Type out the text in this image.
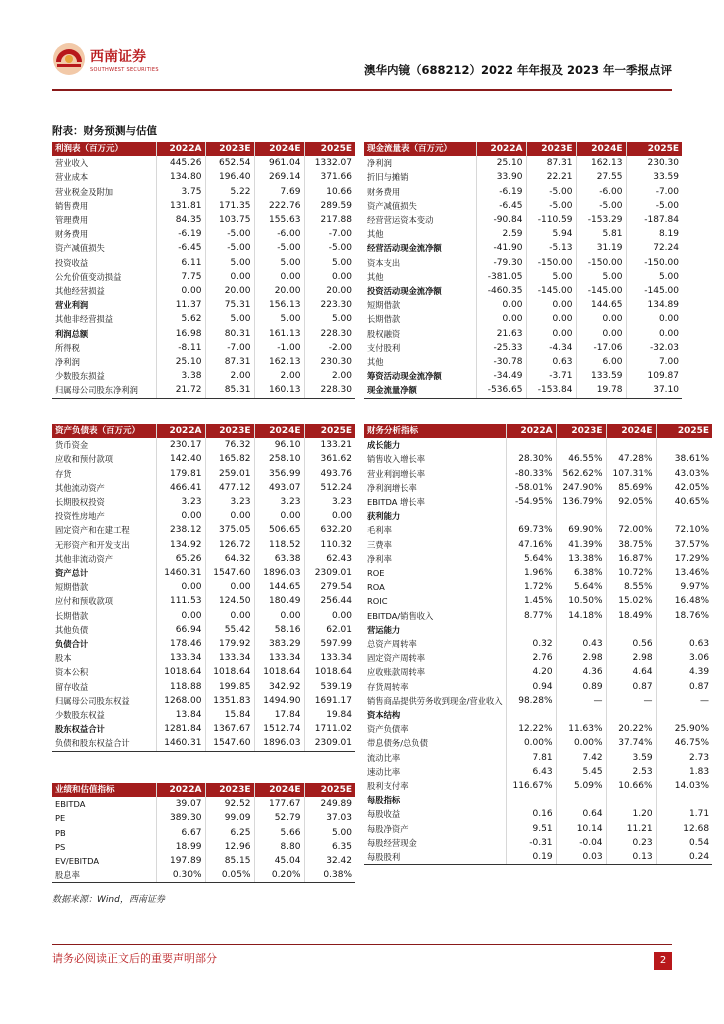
西南证券
SOUTHWEST SECURITIES	澳华内镜（688212）2022 年年报及 2023 年一季报点评
附表：财务预测与估值
利润表（百万元）	2022A	2023E	2024E	2025E
营业收入	445.26	652.54	961.04	1332.07
营业成本	134.80	196.40	269.14	371.66
营业税金及附加	3.75	5.22	7.69	10.66
销售费用	131.81	171.35	222.76	289.59
管理费用	84.35	103.75	155.63	217.88
财务费用	-6.19	-5.00	-6.00	-7.00
资产减值损失	-6.45	-5.00	-5.00	-5.00
投资收益	6.11	5.00	5.00	5.00
公允价值变动损益	7.75	0.00	0.00	0.00
其他经营损益	0.00	20.00	20.00	20.00
营业利润	11.37	75.31	156.13	223.30
其他非经营损益	5.62	5.00	5.00	5.00
利润总额	16.98	80.31	161.13	228.30
所得税	-8.11	-7.00	-1.00	-2.00
净利润	25.10	87.31	162.13	230.30
少数股东损益	3.38	2.00	2.00	2.00
归属母公司股东净利润	21.72	85.31	160.13	228.30
现金流量表（百万元）	2022A	2023E	2024E	2025E
净利润	25.10	87.31	162.13	230.30
折旧与摊销	33.90	22.21	27.55	33.59
财务费用	-6.19	-5.00	-6.00	-7.00
资产减值损失	-6.45	-5.00	-5.00	-5.00
经营营运资本变动	-90.84	-110.59	-153.29	-187.84
其他	2.59	5.94	5.81	8.19
经营活动现金流净额	-41.90	-5.13	31.19	72.24
资本支出	-79.30	-150.00	-150.00	-150.00
其他	-381.05	5.00	5.00	5.00
投资活动现金流净额	-460.35	-145.00	-145.00	-145.00
短期借款	0.00	0.00	144.65	134.89
长期借款	0.00	0.00	0.00	0.00
股权融资	21.63	0.00	0.00	0.00
支付股利	-25.33	-4.34	-17.06	-32.03
其他	-30.78	0.63	6.00	7.00
筹资活动现金流净额	-34.49	-3.71	133.59	109.87
现金流量净额	-536.65	-153.84	19.78	37.10
资产负债表（百万元）	2022A	2023E	2024E	2025E
货币资金	230.17	76.32	96.10	133.21
应收和预付款项	142.40	165.82	258.10	361.62
存货	179.81	259.01	356.99	493.76
其他流动资产	466.41	477.12	493.07	512.24
长期股权投资	3.23	3.23	3.23	3.23
投资性房地产	0.00	0.00	0.00	0.00
固定资产和在建工程	238.12	375.05	506.65	632.20
无形资产和开发支出	134.92	126.72	118.52	110.32
其他非流动资产	65.26	64.32	63.38	62.43
资产总计	1460.31	1547.60	1896.03	2309.01
短期借款	0.00	0.00	144.65	279.54
应付和预收款项	111.53	124.50	180.49	256.44
长期借款	0.00	0.00	0.00	0.00
其他负债	66.94	55.42	58.16	62.01
负债合计	178.46	179.92	383.29	597.99
股本	133.34	133.34	133.34	133.34
资本公积	1018.64	1018.64	1018.64	1018.64
留存收益	118.88	199.85	342.92	539.19
归属母公司股东权益	1268.00	1351.83	1494.90	1691.17
少数股东权益	13.84	15.84	17.84	19.84
股东权益合计	1281.84	1367.67	1512.74	1711.02
负债和股东权益合计	1460.31	1547.60	1896.03	2309.01
财务分析指标	2022A	2023E	2024E	2025E
成长能力				
销售收入增长率	28.30%	46.55%	47.28%	38.61%
营业利润增长率	-80.33%	562.62%	107.31%	43.03%
净利润增长率	-58.01%	247.90%	85.69%	42.05%
EBITDA 增长率	-54.95%	136.79%	92.05%	40.65%
获利能力				
毛利率	69.73%	69.90%	72.00%	72.10%
三费率	47.16%	41.39%	38.75%	37.57%
净利率	5.64%	13.38%	16.87%	17.29%
ROE	1.96%	6.38%	10.72%	13.46%
ROA	1.72%	5.64%	8.55%	9.97%
ROIC	1.45%	10.50%	15.02%	16.48%
EBITDA/销售收入	8.77%	14.18%	18.49%	18.76%
营运能力				
总资产周转率	0.32	0.43	0.56	0.63
固定资产周转率	2.76	2.98	2.98	3.06
应收账款周转率	4.20	4.36	4.64	4.39
存货周转率	0.94	0.89	0.87	0.87
销售商品提供劳务收到现金/营业收入	98.28%	—	—	—
资本结构				
资产负债率	12.22%	11.63%	20.22%	25.90%
带息债务/总负债	0.00%	0.00%	37.74%	46.75%
流动比率	7.81	7.42	3.59	2.73
速动比率	6.43	5.45	2.53	1.83
股利支付率	116.67%	5.09%	10.66%	14.03%
每股指标				
每股收益	0.16	0.64	1.20	1.71
每股净资产	9.51	10.14	11.21	12.68
每股经营现金	-0.31	-0.04	0.23	0.54
每股股利	0.19	0.03	0.13	0.24
业绩和估值指标	2022A	2023E	2024E	2025E
EBITDA	39.07	92.52	177.67	249.89
PE	389.30	99.09	52.79	37.03
PB	6.67	6.25	5.66	5.00
PS	18.99	12.96	8.80	6.35
EV/EBITDA	197.89	85.15	45.04	32.42
股息率	0.30%	0.05%	0.20%	0.38%
数据来源：Wind，西南证券
请务必阅读正文后的重要声明部分	2
